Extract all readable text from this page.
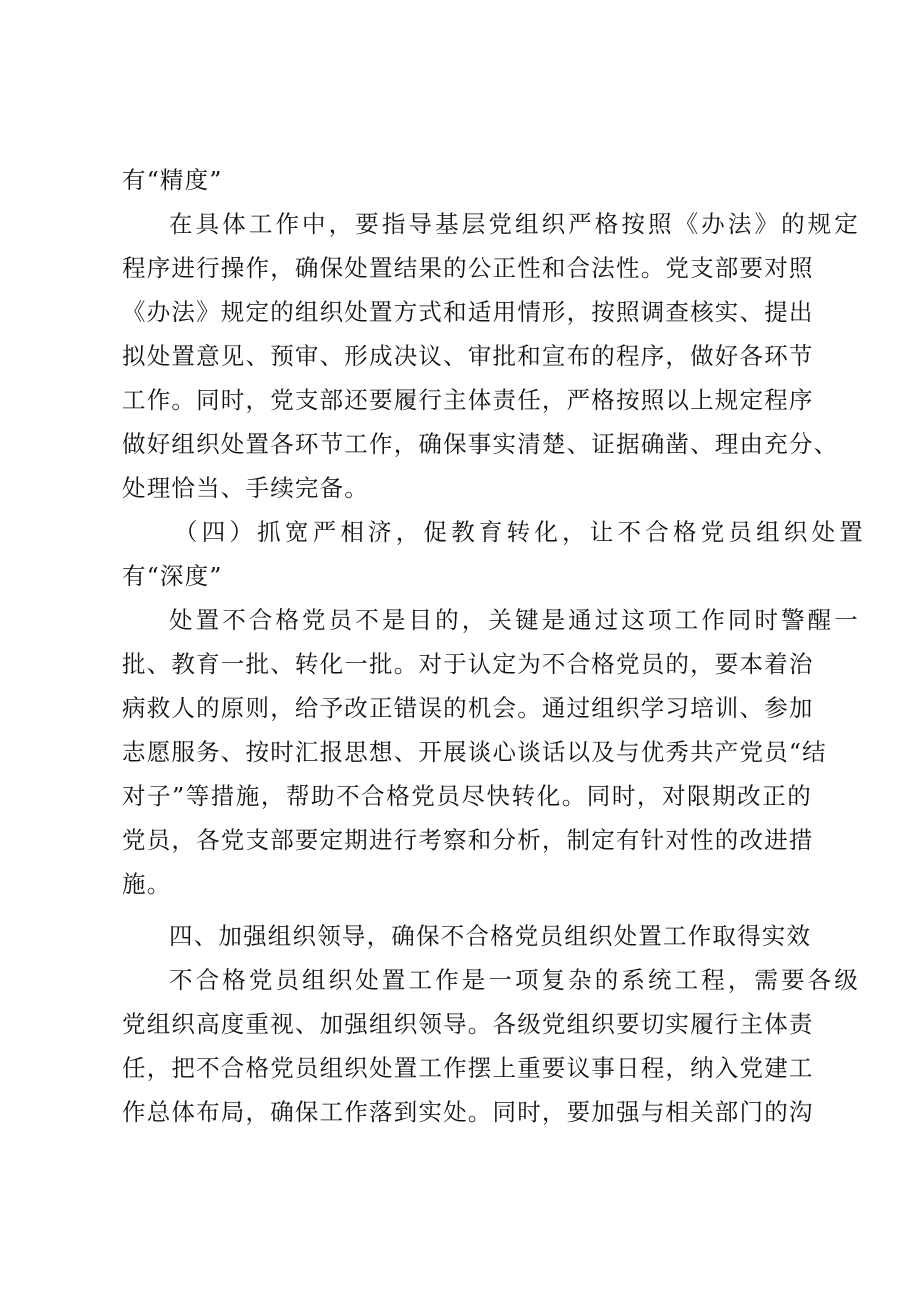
有“精度”
在具体工作中，要指导基层党组织严格按照《办法》的规定
程序进行操作，确保处置结果的公正性和合法性。党支部要对照
《办法》规定的组织处置方式和适用情形，按照调查核实、提出
拟处置意见、预审、形成决议、审批和宣布的程序，做好各环节
工作。同时，党支部还要履行主体责任，严格按照以上规定程序
做好组织处置各环节工作，确保事实清楚、证据确凿、理由充分、
处理恰当、手续完备。
（四）抓宽严相济，促教育转化，让不合格党员组织处置
有“深度”
处置不合格党员不是目的，关键是通过这项工作同时警醒一
批、教育一批、转化一批。对于认定为不合格党员的，要本着治
病救人的原则，给予改正错误的机会。通过组织学习培训、参加
志愿服务、按时汇报思想、开展谈心谈话以及与优秀共产党员“结
对子”等措施，帮助不合格党员尽快转化。同时，对限期改正的
党员，各党支部要定期进行考察和分析，制定有针对性的改进措
施。
四、加强组织领导，确保不合格党员组织处置工作取得实效
不合格党员组织处置工作是一项复杂的系统工程，需要各级
党组织高度重视、加强组织领导。各级党组织要切实履行主体责
任，把不合格党员组织处置工作摆上重要议事日程，纳入党建工
作总体布局，确保工作落到实处。同时，要加强与相关部门的沟
